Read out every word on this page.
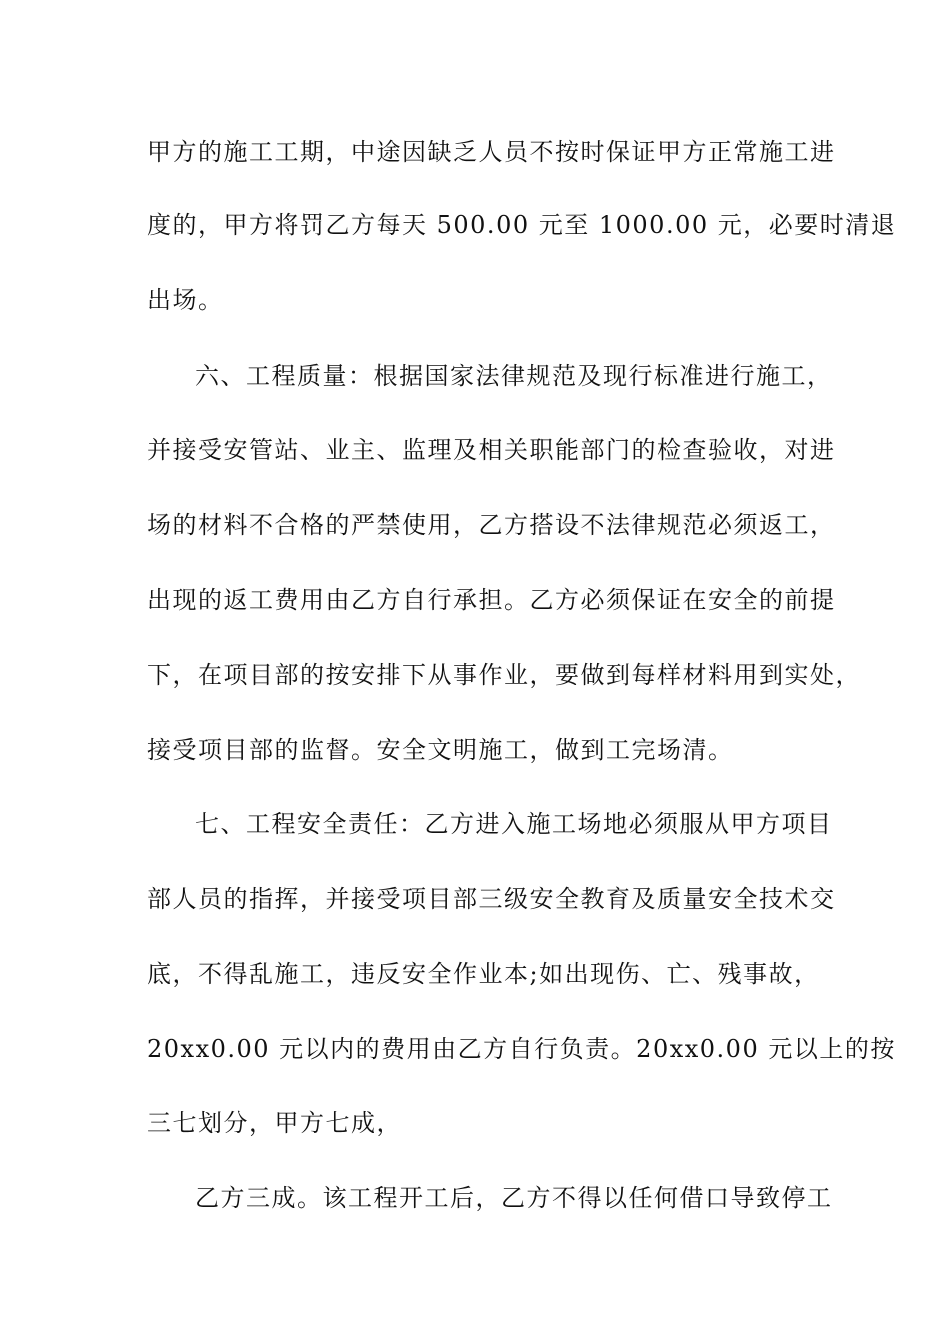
甲方的施工工期，中途因缺乏人员不按时保证甲方正常施工进
度的，甲方将罚乙方每天 500.00 元至 1000.00 元，必要时清退
出场。
六、工程质量：根据国家法律规范及现行标准进行施工，
并接受安管站、业主、监理及相关职能部门的检查验收，对进
场的材料不合格的严禁使用，乙方搭设不法律规范必须返工，
出现的返工费用由乙方自行承担。乙方必须保证在安全的前提
下，在项目部的按安排下从事作业，要做到每样材料用到实处，
接受项目部的监督。安全文明施工，做到工完场清。
七、工程安全责任：乙方进入施工场地必须服从甲方项目
部人员的指挥，并接受项目部三级安全教育及质量安全技术交
底，不得乱施工，违反安全作业本;如出现伤、亡、残事故，
20xx0.00 元以内的费用由乙方自行负责。20xx0.00 元以上的按
三七划分，甲方七成，
乙方三成。该工程开工后，乙方不得以任何借口导致停工
